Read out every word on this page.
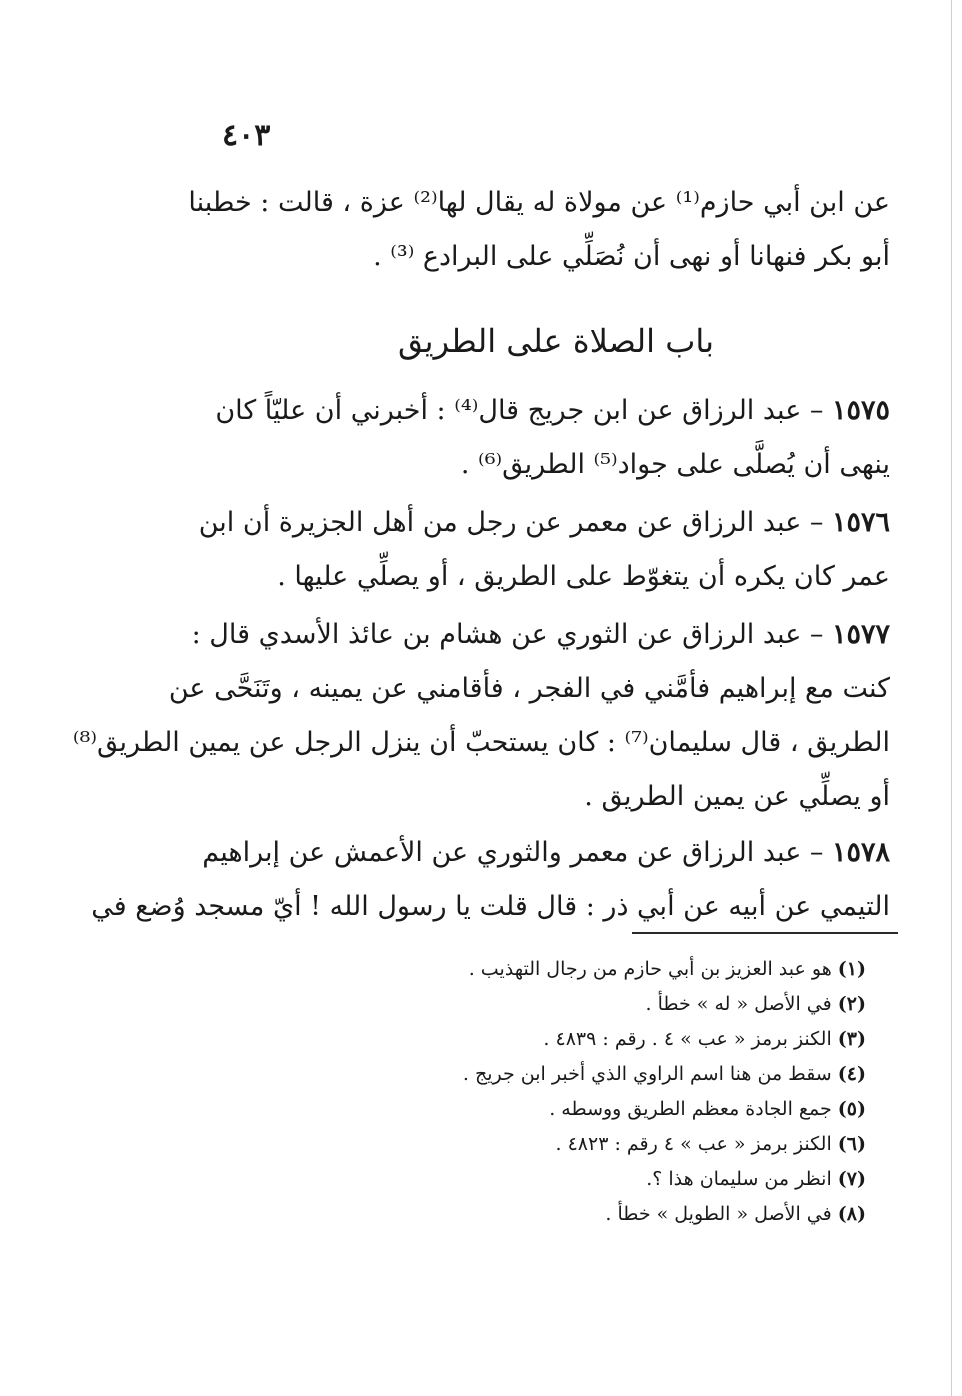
٤٠٣
عن ابن أبي حازم⁽¹⁾ عن مولاة له يقال لها⁽²⁾ عزة ، قالت : خطبنا
أبو بكر فنهانا أو نهى أن نُصَلِّي على البرادع ⁽³⁾ .
باب الصلاة على الطريق
١٥٧٥ – عبد الرزاق عن ابن جريج قال⁽⁴⁾ : أخبرني أن عليّاً كان
ينهى أن يُصلَّى على جواد⁽⁵⁾ الطريق⁽⁶⁾ .
١٥٧٦ – عبد الرزاق عن معمر عن رجل من أهل الجزيرة أن ابن
عمر كان يكره أن يتغوّط على الطريق ، أو يصلِّي عليها .
١٥٧٧ – عبد الرزاق عن الثوري عن هشام بن عائذ الأسدي قال :
كنت مع إبراهيم فأمَّني في الفجر ، فأقامني عن يمينه ، وتَنَحَّى عن
الطريق ، قال سليمان⁽⁷⁾ : كان يستحبّ أن ينزل الرجل عن يمين الطريق⁽⁸⁾
أو يصلِّي عن يمين الطريق .
١٥٧٨ – عبد الرزاق عن معمر والثوري عن الأعمش عن إبراهيم
التيمي عن أبيه عن أبي ذر : قال قلت يا رسول الله ! أيّ مسجد وُضع في
(١) هو عبد العزيز بن أبي حازم من رجال التهذيب .
(٢) في الأصل « له » خطأ .
(٣) الكنز برمز « عب » ٤ . رقم : ٤٨٣٩ .
(٤) سقط من هنا اسم الراوي الذي أخبر ابن جريج .
(٥) جمع الجادة معظم الطريق ووسطه .
(٦) الكنز برمز « عب » ٤ رقم : ٤٨٢٣ .
(٧) انظر من سليمان هذا ؟.
(٨) في الأصل « الطويل » خطأ .
